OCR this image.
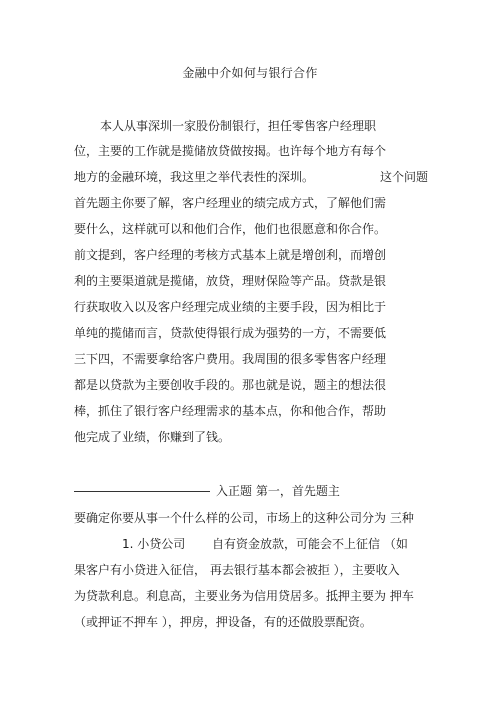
金融中介如何与银行合作
本人从事深圳一家股份制银行，担任零售客户经理职
位，主要的工作就是揽储放贷做按揭。也许每个地方有每个
地方的金融环境，我这里之举代表性的深圳。	这个问题
首先题主你要了解，客户经理业的绩完成方式，了解他们需
要什么，这样就可以和他们合作，他们也很愿意和你合作。
前文提到，客户经理的考核方式基本上就是增创利，而增创
利的主要渠道就是揽储，放贷，理财保险等产品。贷款是银
行获取收入以及客户经理完成业绩的主要手段，因为相比于
单纯的揽储而言，贷款使得银行成为强势的一方，不需要低
三下四，不需要拿给客户费用。我周围的很多零售客户经理
都是以贷款为主要创收手段的。那也就是说，题主的想法很
棒，抓住了银行客户经理需求的基本点，你和他合作，帮助
他完成了业绩，你赚到了钱。
入正题 第一，首先题主
要确定你要从事一个什么样的公司，市场上的这种公司分为 三种
1. 小贷公司 自有资金放款，可能会不上征信 （如
果客户有小贷进入征信， 再去银行基本都会被拒 ），主要收入
为贷款利息。利息高，主要业务为信用贷居多。抵押主要为 押车
（或押证不押车 ），押房，押设备，有的还做股票配资。
